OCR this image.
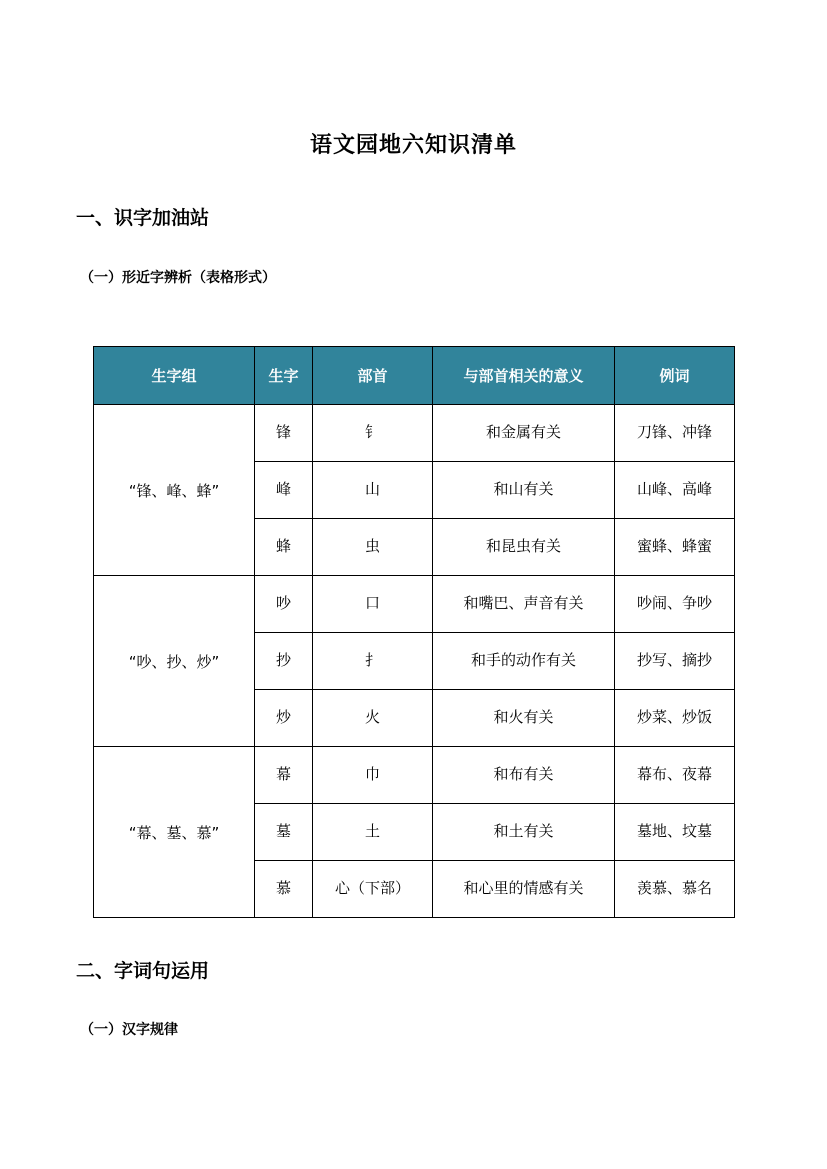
语文园地六知识清单
一、识字加油站
（一）形近字辨析（表格形式）
生字组	生字	部首	与部首相关的意义	例词
“锋、峰、蜂”	锋	钅	和金属有关	刀锋、冲锋
	峰	山	和山有关	山峰、高峰
	蜂	虫	和昆虫有关	蜜蜂、蜂蜜
“吵、抄、炒”	吵	口	和嘴巴、声音有关	吵闹、争吵
	抄	扌	和手的动作有关	抄写、摘抄
	炒	火	和火有关	炒菜、炒饭
“幕、墓、慕”	幕	巾	和布有关	幕布、夜幕
	墓	土	和土有关	墓地、坟墓
	慕	心（下部）	和心里的情感有关	羡慕、慕名
二、字词句运用
（一）汉字规律
